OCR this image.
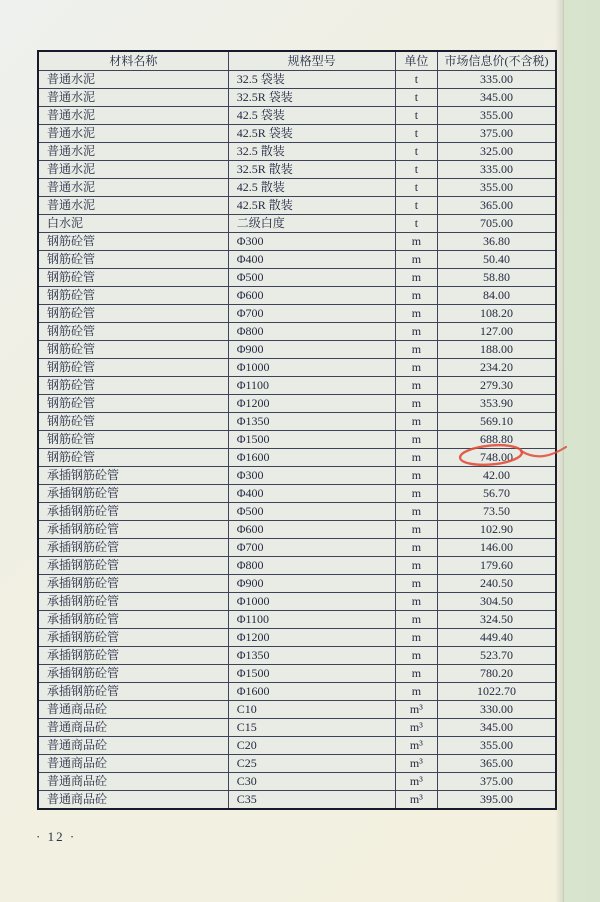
材料名称	规格型号	单位	市场信息价(不含税)
普通水泥	32.5 袋装	t	335.00
普通水泥	32.5R 袋装	t	345.00
普通水泥	42.5 袋装	t	355.00
普通水泥	42.5R 袋装	t	375.00
普通水泥	32.5 散装	t	325.00
普通水泥	32.5R 散装	t	335.00
普通水泥	42.5 散装	t	355.00
普通水泥	42.5R 散装	t	365.00
白水泥	二级白度	t	705.00
钢筋砼管	Φ300	m	36.80
钢筋砼管	Φ400	m	50.40
钢筋砼管	Φ500	m	58.80
钢筋砼管	Φ600	m	84.00
钢筋砼管	Φ700	m	108.20
钢筋砼管	Φ800	m	127.00
钢筋砼管	Φ900	m	188.00
钢筋砼管	Φ1000	m	234.20
钢筋砼管	Φ1100	m	279.30
钢筋砼管	Φ1200	m	353.90
钢筋砼管	Φ1350	m	569.10
钢筋砼管	Φ1500	m	688.80
钢筋砼管	Φ1600	m	748.00
承插钢筋砼管	Φ300	m	42.00
承插钢筋砼管	Φ400	m	56.70
承插钢筋砼管	Φ500	m	73.50
承插钢筋砼管	Φ600	m	102.90
承插钢筋砼管	Φ700	m	146.00
承插钢筋砼管	Φ800	m	179.60
承插钢筋砼管	Φ900	m	240.50
承插钢筋砼管	Φ1000	m	304.50
承插钢筋砼管	Φ1100	m	324.50
承插钢筋砼管	Φ1200	m	449.40
承插钢筋砼管	Φ1350	m	523.70
承插钢筋砼管	Φ1500	m	780.20
承插钢筋砼管	Φ1600	m	1022.70
普通商品砼	C10	m³	330.00
普通商品砼	C15	m³	345.00
普通商品砼	C20	m³	355.00
普通商品砼	C25	m³	365.00
普通商品砼	C30	m³	375.00
普通商品砼	C35	m³	395.00
· 12 ·
